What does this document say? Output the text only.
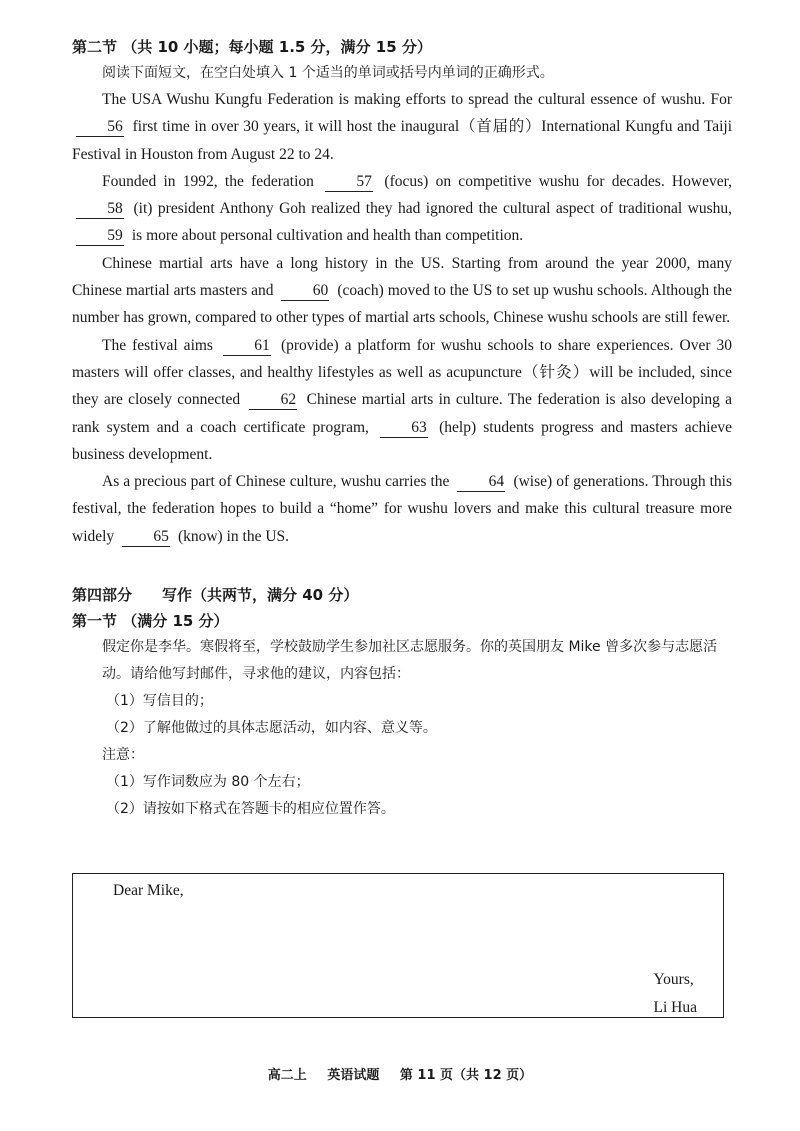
第二节 （共 10 小题；每小题 1.5 分，满分 15 分）
阅读下面短文，在空白处填入 1 个适当的单词或括号内单词的正确形式。

The USA Wushu Kungfu Federation is making efforts to spread the cultural essence of wushu. For 56 first time in over 30 years, it will host the inaugural（首届的）International Kungfu and Taiji Festival in Houston from August 22 to 24.

Founded in 1992, the federation	57 (focus) on competitive wushu for decades. However, 58 (it) president Anthony Goh realized they had ignored the cultural aspect of traditional wushu, 59 is more about personal cultivation and health than competition.

Chinese martial arts have a long history in the US. Starting from around the year 2000, many Chinese martial arts masters and	60 (coach) moved to the US to set up wushu schools. Although the number has grown, compared to other types of martial arts schools, Chinese wushu schools are still fewer.

The festival aims	61 (provide) a platform for wushu schools to share experiences. Over 30 masters will offer classes, and healthy lifestyles as well as acupuncture（针灸）will be included, since they are closely connected	62 Chinese martial arts in culture. The federation is also developing a rank system and a coach certificate program,	63 (help) students progress and masters achieve business development.

As a precious part of Chinese culture, wushu carries the	64 (wise) of generations. Through this festival, the federation hopes to build a “home” for wushu lovers and make this cultural treasure more widely	65 (know) in the US.

第四部分　　写作（共两节，满分 40 分）
第一节 （满分 15 分）
假定你是李华。寒假将至，学校鼓励学生参加社区志愿服务。你的英国朋友 Mike 曾多次参与志愿活动。请给他写封邮件，寻求他的建议，内容包括：
（1）写信目的；
（2）了解他做过的具体志愿活动，如内容、意义等。
注意：
（1）写作词数应为 80 个左右；
（2）请按如下格式在答题卡的相应位置作答。
Dear Mike,
Yours,
Li Hua
高二上 英语试题 第 11 页（共 12 页）
